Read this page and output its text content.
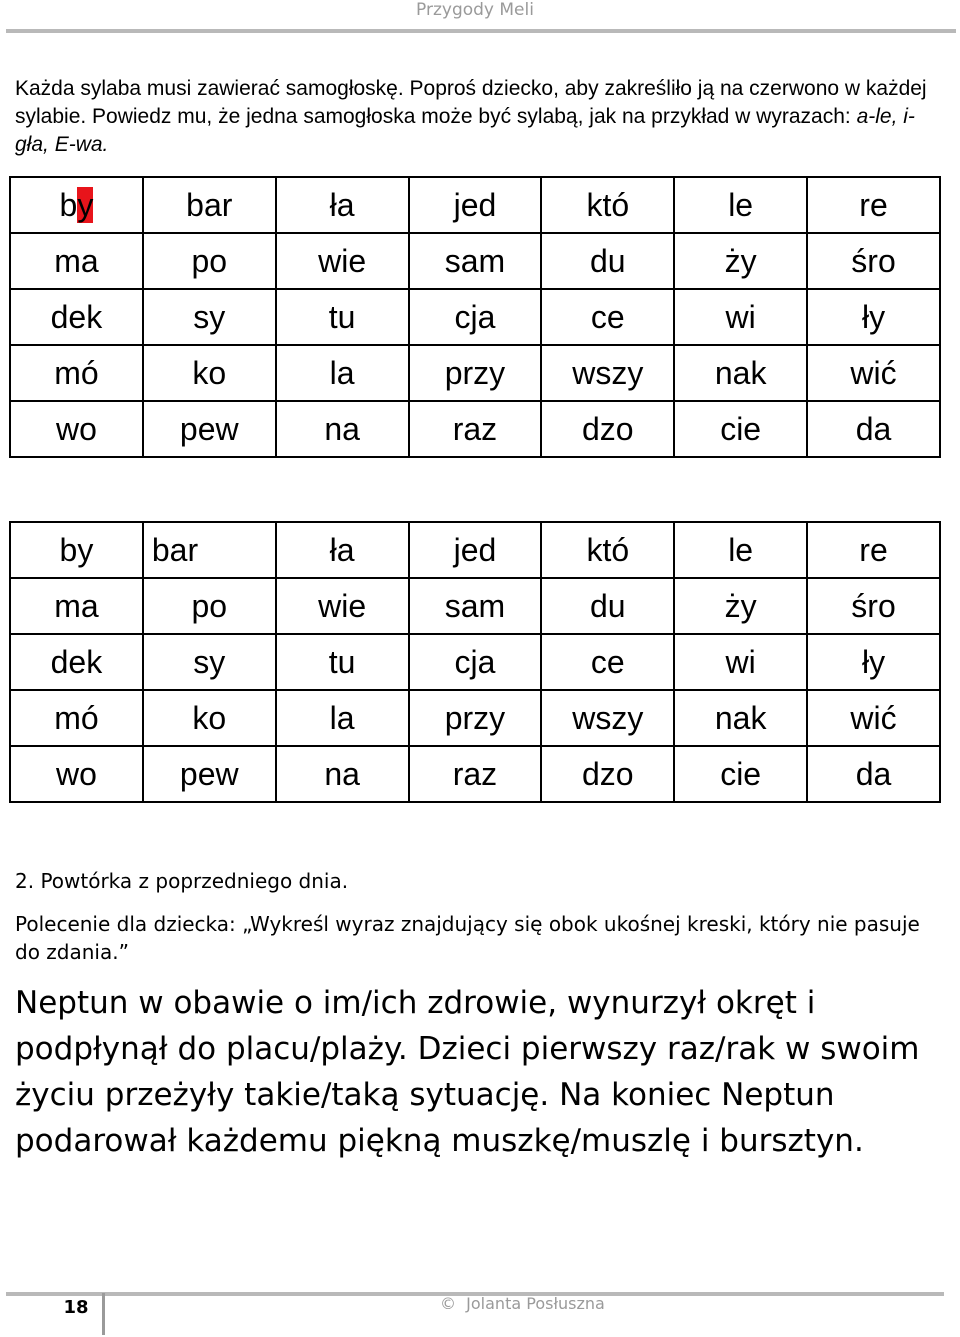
Przygody Meli
Każda sylaba musi zawierać samogłoskę. Poproś dziecko, aby zakreśliło ją na czerwono w każdej sylabie. Powiedz mu, że jedna samogłoska może być sylabą, jak na przykład w wyrazach: a-le, i-gła, E-wa.
by	bar	ła	jed	któ	le	re
ma	po	wie	sam	du	ży	śro
dek	sy	tu	cja	ce	wi	ły
mó	ko	la	przy	wszy	nak	wić
wo	pew	na	raz	dzo	cie	da
by	bar	ła	jed	któ	le	re
ma	po	wie	sam	du	ży	śro
dek	sy	tu	cja	ce	wi	ły
mó	ko	la	przy	wszy	nak	wić
wo	pew	na	raz	dzo	cie	da
2. Powtórka z poprzedniego dnia.
Polecenie dla dziecka: „Wykreśl wyraz znajdujący się obok ukośnej kreski, który nie pasuje do zdania.”

Neptun w obawie o im/ich zdrowie, wynurzył okręt i

podpłynął do placu/plaży. Dzieci pierwszy raz/rak w swoim

życiu przeżyły takie/taką sytuację. Na koniec Neptun

podarował każdemu piękną muszkę/muszlę i bursztyn.

18	© Jolanta Posłuszna
